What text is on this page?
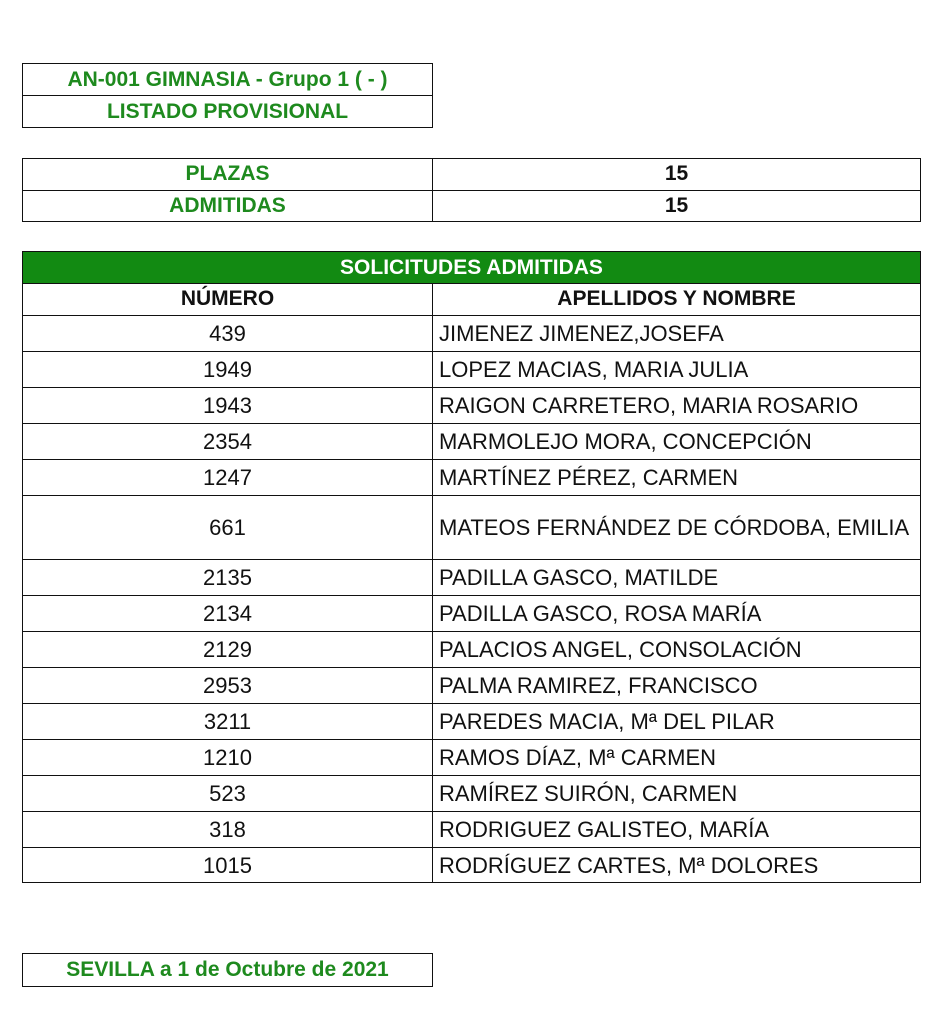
AN-001 GIMNASIA - Grupo 1 ( - )
LISTADO PROVISIONAL
PLAZAS	15
ADMITIDAS	15
SOLICITUDES ADMITIDAS
NÚMERO	APELLIDOS Y NOMBRE
439	JIMENEZ JIMENEZ,JOSEFA
1949	LOPEZ MACIAS, MARIA JULIA
1943	RAIGON CARRETERO, MARIA ROSARIO
2354	MARMOLEJO MORA, CONCEPCIÓN
1247	MARTÍNEZ PÉREZ, CARMEN
661	MATEOS FERNÁNDEZ DE CÓRDOBA, EMILIA
2135	PADILLA GASCO, MATILDE
2134	PADILLA GASCO, ROSA MARÍA
2129	PALACIOS ANGEL, CONSOLACIÓN
2953	PALMA RAMIREZ, FRANCISCO
3211	PAREDES MACIA, Mª DEL PILAR
1210	RAMOS DÍAZ, Mª CARMEN
523	RAMÍREZ SUIRÓN, CARMEN
318	RODRIGUEZ GALISTEO, MARÍA
1015	RODRÍGUEZ CARTES, Mª DOLORES
SEVILLA a 1 de Octubre de 2021
